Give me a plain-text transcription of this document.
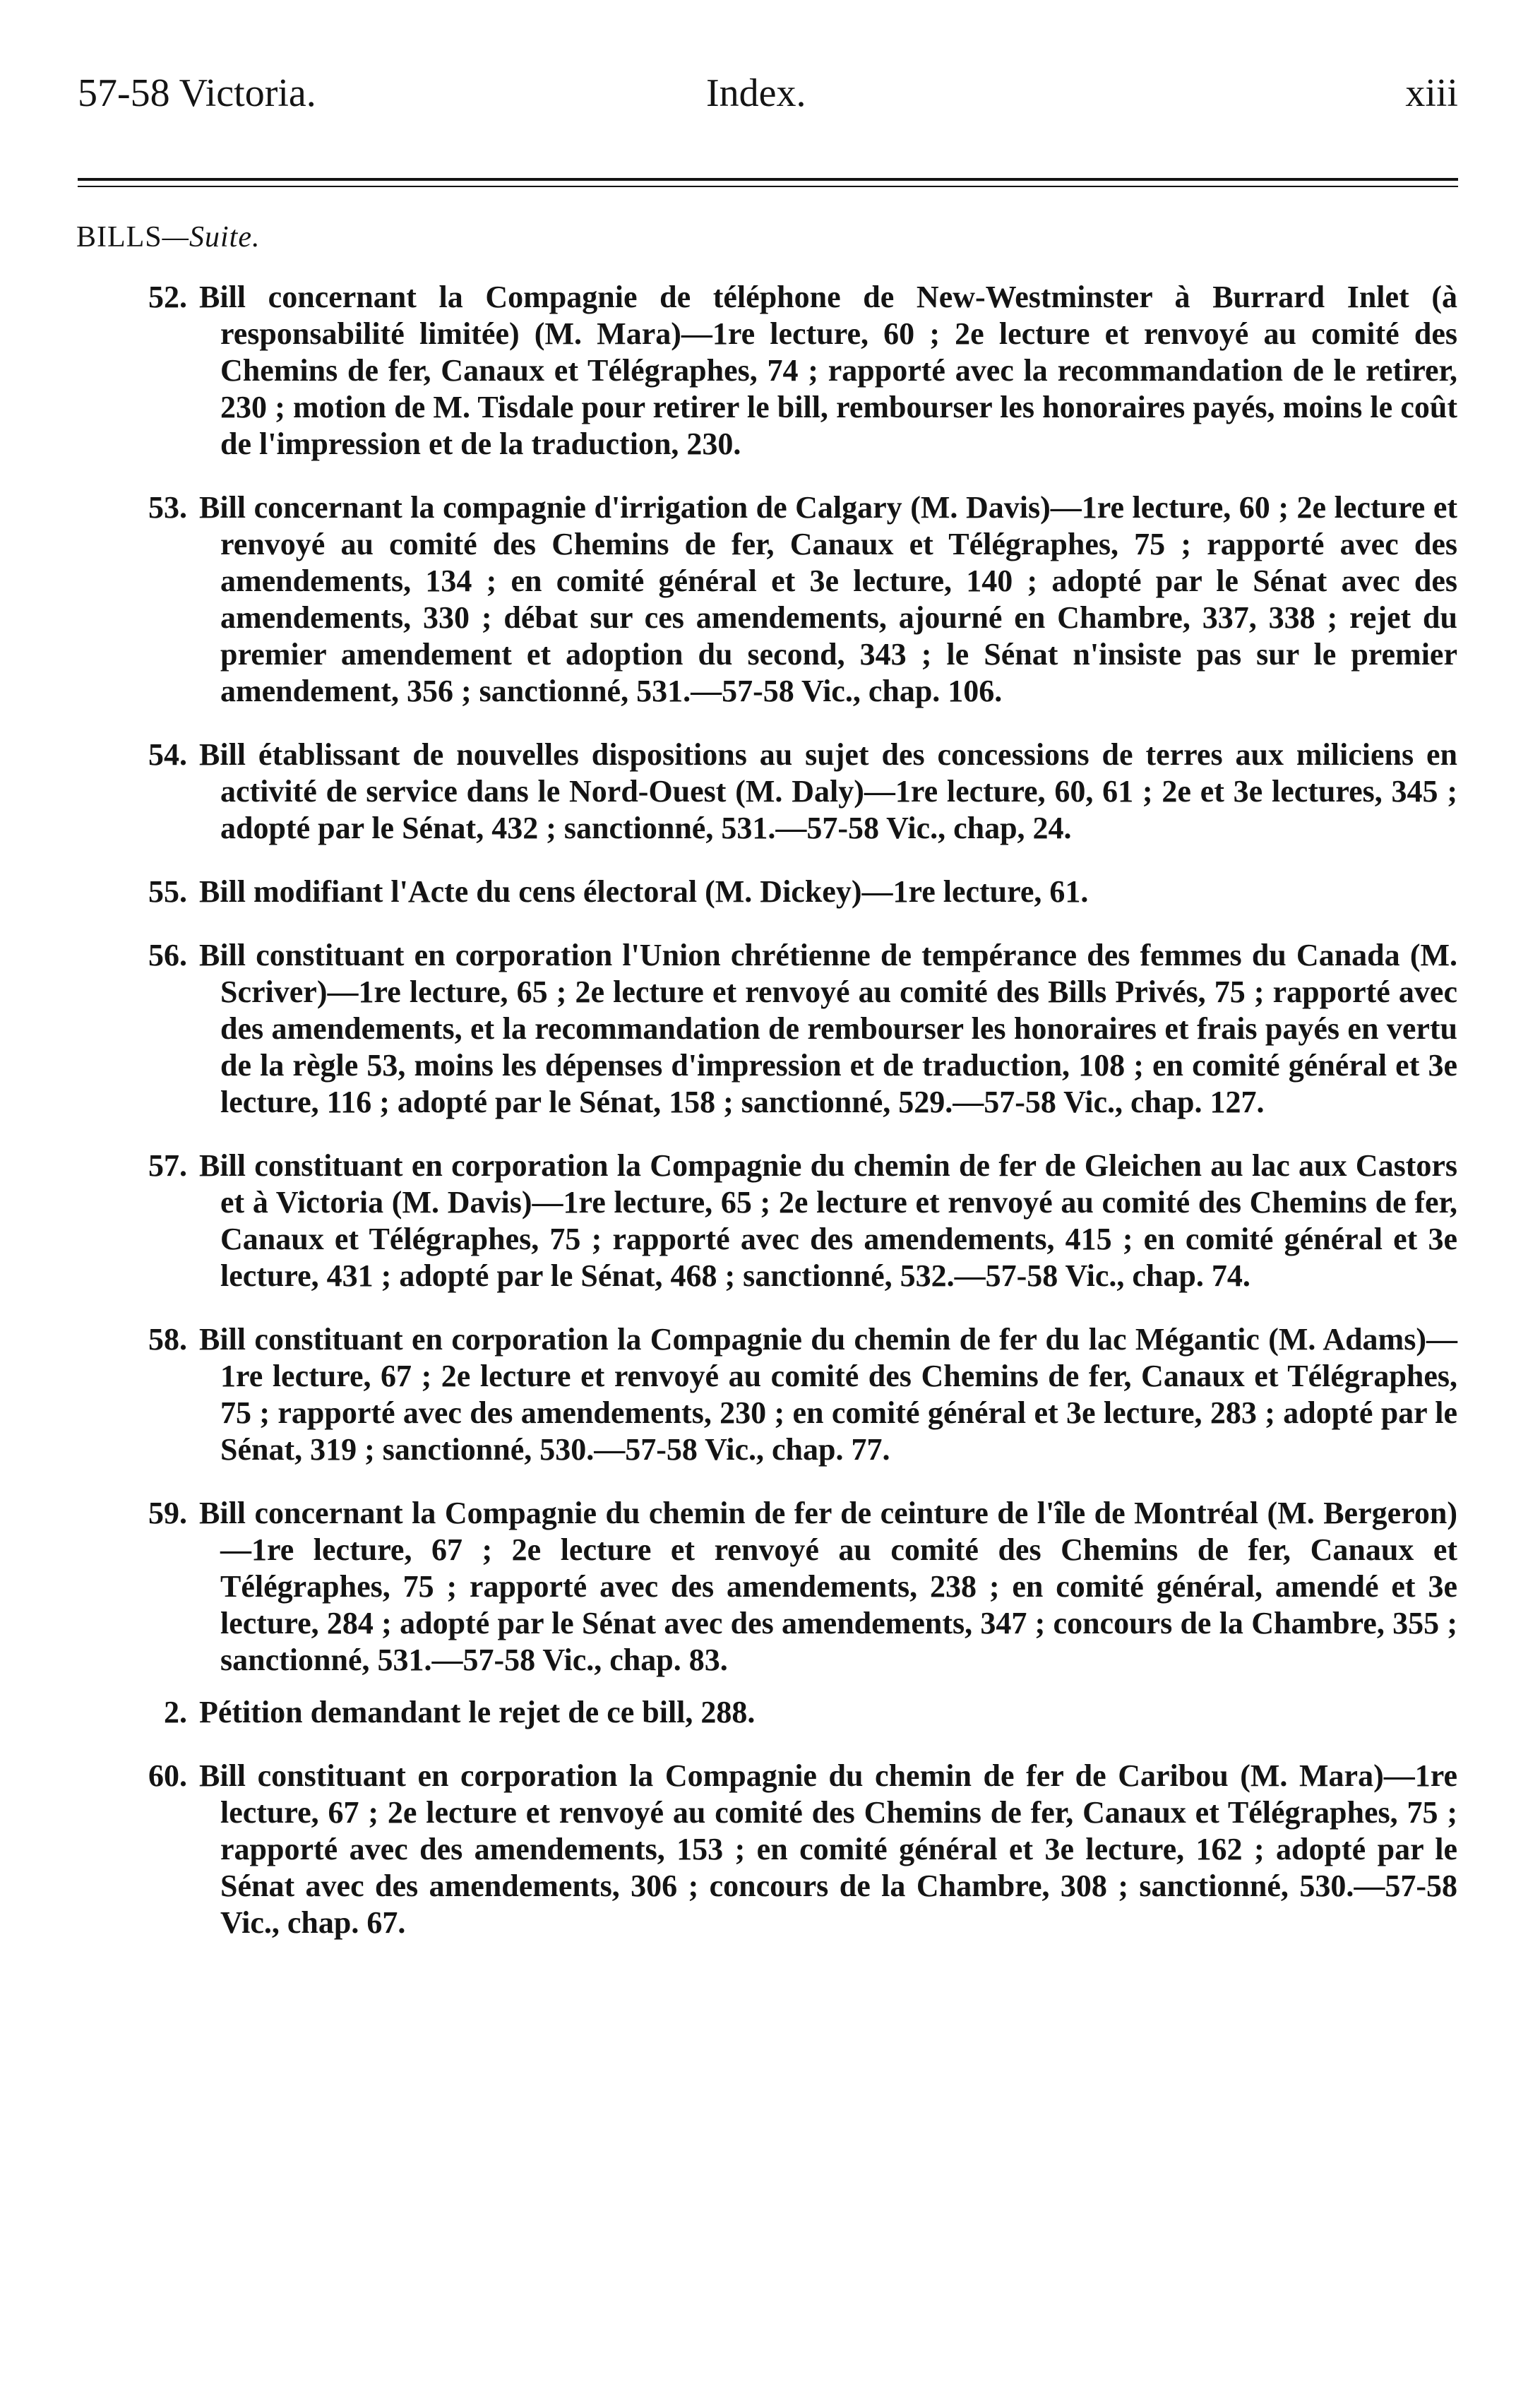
57-58 Victoria.	Index.	xiii
BILLS—Suite.
52. Bill concernant la Compagnie de téléphone de New-Westminster à Burrard Inlet (à responsabilité limitée) (M. Mara)—1re lecture, 60 ; 2e lecture et renvoyé au comité des Chemins de fer, Canaux et Télégraphes, 74 ; rapporté avec la recommandation de le retirer, 230 ; motion de M. Tisdale pour retirer le bill, rembourser les honoraires payés, moins le coût de l'impression et de la traduction, 230.
53. Bill concernant la compagnie d'irrigation de Calgary (M. Davis)—1re lecture, 60 ; 2e lecture et renvoyé au comité des Chemins de fer, Canaux et Télégraphes, 75 ; rapporté avec des amendements, 134 ; en comité général et 3e lecture, 140 ; adopté par le Sénat avec des amendements, 330 ; débat sur ces amendements, ajourné en Chambre, 337, 338 ; rejet du premier amendement et adoption du second, 343 ; le Sénat n'insiste pas sur le premier amendement, 356 ; sanctionné, 531.—57-58 Vic., chap. 106.
54. Bill établissant de nouvelles dispositions au sujet des concessions de terres aux miliciens en activité de service dans le Nord-Ouest (M. Daly)—1re lecture, 60, 61 ; 2e et 3e lectures, 345 ; adopté par le Sénat, 432 ; sanctionné, 531.—57-58 Vic., chap, 24.
55. Bill modifiant l'Acte du cens électoral (M. Dickey)—1re lecture, 61.
56. Bill constituant en corporation l'Union chrétienne de tempérance des femmes du Canada (M. Scriver)—1re lecture, 65 ; 2e lecture et renvoyé au comité des Bills Privés, 75 ; rapporté avec des amendements, et la recommandation de rembourser les honoraires et frais payés en vertu de la règle 53, moins les dépenses d'impression et de traduction, 108 ; en comité général et 3e lecture, 116 ; adopté par le Sénat, 158 ; sanctionné, 529.—57-58 Vic., chap. 127.
57. Bill constituant en corporation la Compagnie du chemin de fer de Gleichen au lac aux Castors et à Victoria (M. Davis)—1re lecture, 65 ; 2e lecture et renvoyé au comité des Chemins de fer, Canaux et Télégraphes, 75 ; rapporté avec des amendements, 415 ; en comité général et 3e lecture, 431 ; adopté par le Sénat, 468 ; sanctionné, 532.—57-58 Vic., chap. 74.
58. Bill constituant en corporation la Compagnie du chemin de fer du lac Mégantic (M. Adams)—1re lecture, 67 ; 2e lecture et renvoyé au comité des Chemins de fer, Canaux et Télégraphes, 75 ; rapporté avec des amendements, 230 ; en comité général et 3e lecture, 283 ; adopté par le Sénat, 319 ; sanctionné, 530.—57-58 Vic., chap. 77.
59. Bill concernant la Compagnie du chemin de fer de ceinture de l'île de Montréal (M. Bergeron)—1re lecture, 67 ; 2e lecture et renvoyé au comité des Chemins de fer, Canaux et Télégraphes, 75 ; rapporté avec des amendements, 238 ; en comité général, amendé et 3e lecture, 284 ; adopté par le Sénat avec des amendements, 347 ; concours de la Chambre, 355 ; sanctionné, 531.—57-58 Vic., chap. 83.
2. Pétition demandant le rejet de ce bill, 288.
60. Bill constituant en corporation la Compagnie du chemin de fer de Caribou (M. Mara)—1re lecture, 67 ; 2e lecture et renvoyé au comité des Chemins de fer, Canaux et Télégraphes, 75 ; rapporté avec des amendements, 153 ; en comité général et 3e lecture, 162 ; adopté par le Sénat avec des amendements, 306 ; concours de la Chambre, 308 ; sanctionné, 530.—57-58 Vic., chap. 67.
